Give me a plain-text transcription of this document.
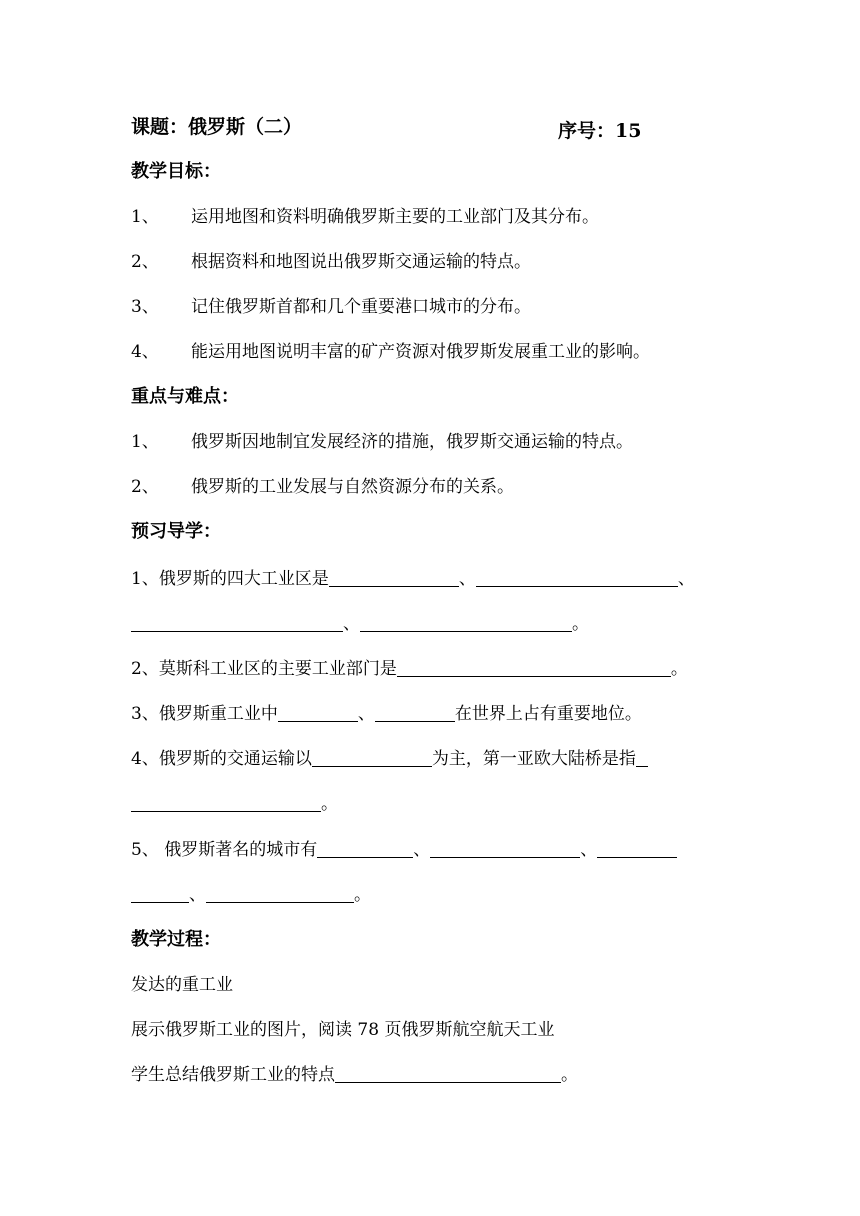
课题：俄罗斯（二）	序号：15
教学目标：
1、 运用地图和资料明确俄罗斯主要的工业部门及其分布。
2、 根据资料和地图说出俄罗斯交通运输的特点。
3、 记住俄罗斯首都和几个重要港口城市的分布。
4、 能运用地图说明丰富的矿产资源对俄罗斯发展重工业的影响。
重点与难点：
1、 俄罗斯因地制宜发展经济的措施，俄罗斯交通运输的特点。
2、 俄罗斯的工业发展与自然资源分布的关系。
预习导学：
1、俄罗斯的四大工业区是	、	、
、	。
2、莫斯科工业区的主要工业部门是	。
3、俄罗斯重工业中	、	在世界上占有重要地位。
4、俄罗斯的交通运输以	为主，第一亚欧大陆桥是指
。
5、 俄罗斯著名的城市有	、	、
、	。
教学过程：
发达的重工业
展示俄罗斯工业的图片，阅读 78 页俄罗斯航空航天工业
学生总结俄罗斯工业的特点	。
